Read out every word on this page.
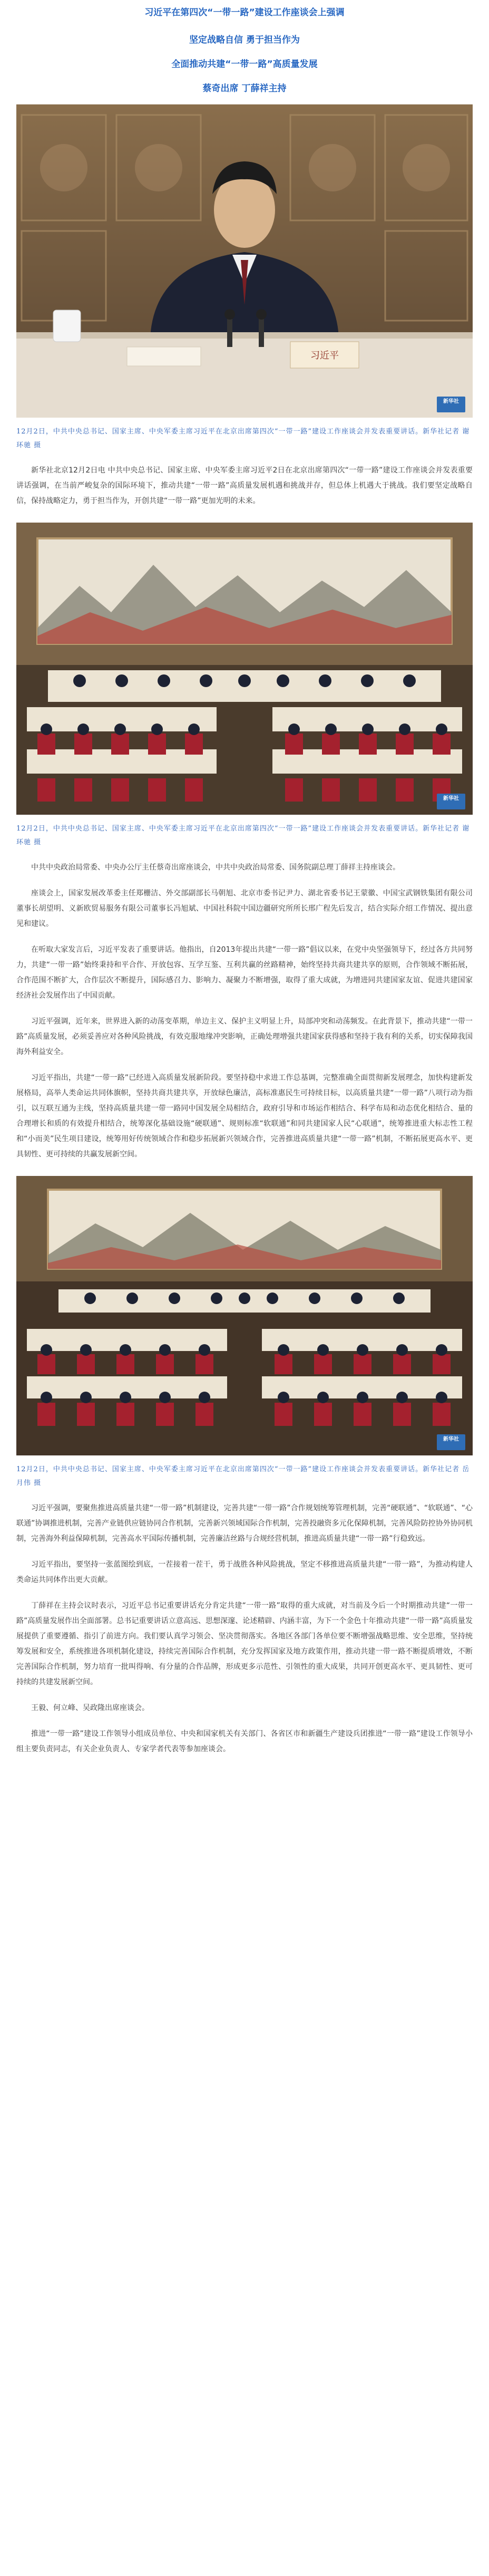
习近平在第四次“一带一路”建设工作座谈会上强调
坚定战略自信 勇于担当作为
全面推动共建“一带一路”高质量发展
蔡奇出席 丁薛祥主持
习近平
新华社
12月2日，中共中央总书记、国家主席、中央军委主席习近平在北京出席第四次“一带一路”建设工作座谈会并发表重要讲话。新华社记者 谢环驰 摄
新华社北京12月2日电 中共中央总书记、国家主席、中央军委主席习近平2日在北京出席第四次“一带一路”建设工作座谈会并发表重要讲话强调，在当前严峻复杂的国际环境下，推动共建“一带一路”高质量发展机遇和挑战并存，但总体上机遇大于挑战。我们要坚定战略自信，保持战略定力，勇于担当作为，开创共建“一带一路”更加光明的未来。
新华社
12月2日，中共中央总书记、国家主席、中央军委主席习近平在北京出席第四次“一带一路”建设工作座谈会并发表重要讲话。新华社记者 谢环驰 摄
中共中央政治局常委、中央办公厅主任蔡奇出席座谈会，中共中央政治局常委、国务院副总理丁薛祥主持座谈会。
座谈会上，国家发展改革委主任郑栅洁、外交部副部长马朝旭、北京市委书记尹力、湖北省委书记王蒙徽、中国宝武钢铁集团有限公司董事长胡望明、义新欧贸易服务有限公司董事长冯旭斌、中国社科院中国边疆研究所所长邢广程先后发言，结合实际介绍工作情况、提出意见和建议。
在听取大家发言后，习近平发表了重要讲话。他指出，自2013年提出共建“一带一路”倡议以来，在党中央坚强领导下，经过各方共同努力，共建“一带一路”始终秉持和平合作、开放包容、互学互鉴、互利共赢的丝路精神，始终坚持共商共建共享的原则，合作领域不断拓展，合作范围不断扩大，合作层次不断提升，国际感召力、影响力、凝聚力不断增强，取得了重大成就，为增进同共建国家友谊、促进共建国家经济社会发展作出了中国贡献。
习近平强调，近年来，世界进入新的动荡变革期，单边主义、保护主义明显上升，局部冲突和动荡频发。在此背景下，推动共建“一带一路”高质量发展，必须妥善应对各种风险挑战，有效克服地缘冲突影响，正确处理增强共建国家获得感和坚持于我有利的关系，切实保障我国海外利益安全。
习近平指出，共建“一带一路”已经进入高质量发展新阶段。要坚持稳中求进工作总基调，完整准确全面贯彻新发展理念，加快构建新发展格局，高举人类命运共同体旗帜，坚持共商共建共享，开放绿色廉洁，高标准惠民生可持续目标，以高质量共建“一带一路”八项行动为指引，以互联互通为主线，坚持高质量共建一带一路同中国发展全局相结合，政府引导和市场运作相结合、科学布局和动态优化相结合、量的合理增长和质的有效提升相结合，统筹深化基础设施“硬联通”、规则标准“软联通”和同共建国家人民“心联通”，统筹推进重大标志性工程和“小而美”民生项目建设，统筹用好传统领域合作和稳步拓展新兴领域合作，完善推进高质量共建“一带一路”机制，不断拓展更高水平、更具韧性、更可持续的共赢发展新空间。
新华社
12月2日，中共中央总书记、国家主席、中央军委主席习近平在北京出席第四次“一带一路”建设工作座谈会并发表重要讲话。新华社记者 岳月伟 摄
习近平强调，要聚焦推进高质量共建“一带一路”机制建设，完善共建“一带一路”合作规划统筹管理机制，完善“硬联通”、“软联通”、“心联通”协调推进机制，完善产业链供应链协同合作机制，完善新兴领域国际合作机制，完善投融资多元化保障机制，完善风险防控协外协同机制，完善海外利益保障机制，完善高水平国际传播机制，完善廉洁丝路与合规经营机制，推进高质量共建“一带一路”行稳致远。
习近平指出，要坚持一张蓝图绘到底，一茬接着一茬干，勇于战胜各种风险挑战，坚定不移推进高质量共建“一带一路”，为推动构建人类命运共同体作出更大贡献。
丁薛祥在主持会议时表示，习近平总书记重要讲话充分肯定共建“一带一路”取得的重大成就，对当前及今后一个时期推动共建“一带一路”高质量发展作出全面部署。总书记重要讲话立意高远、思想深邃、论述精辟、内涵丰富，为下一个金色十年推动共建“一带一路”高质量发展提供了重要遵循、指引了前进方向。我们要认真学习领会、坚决贯彻落实。各地区各部门各单位要不断增强战略思维、安全思维，坚持统筹发展和安全，系统推进各项机制化建设，持续完善国际合作机制，充分发挥国家及地方政策作用，推动共建一带一路不断提质增效，不断完善国际合作机制，努力培育一批叫得响、有分量的合作品牌，形成更多示范性、引领性的重大成果，共同开创更高水平、更具韧性、更可持续的共建发展新空间。
王毅、何立峰、吴政隆出席座谈会。
推进“一带一路”建设工作领导小组成员单位、中央和国家机关有关部门、各省区市和新疆生产建设兵团推进“一带一路”建设工作领导小组主要负责同志，有关企业负责人、专家学者代表等参加座谈会。
